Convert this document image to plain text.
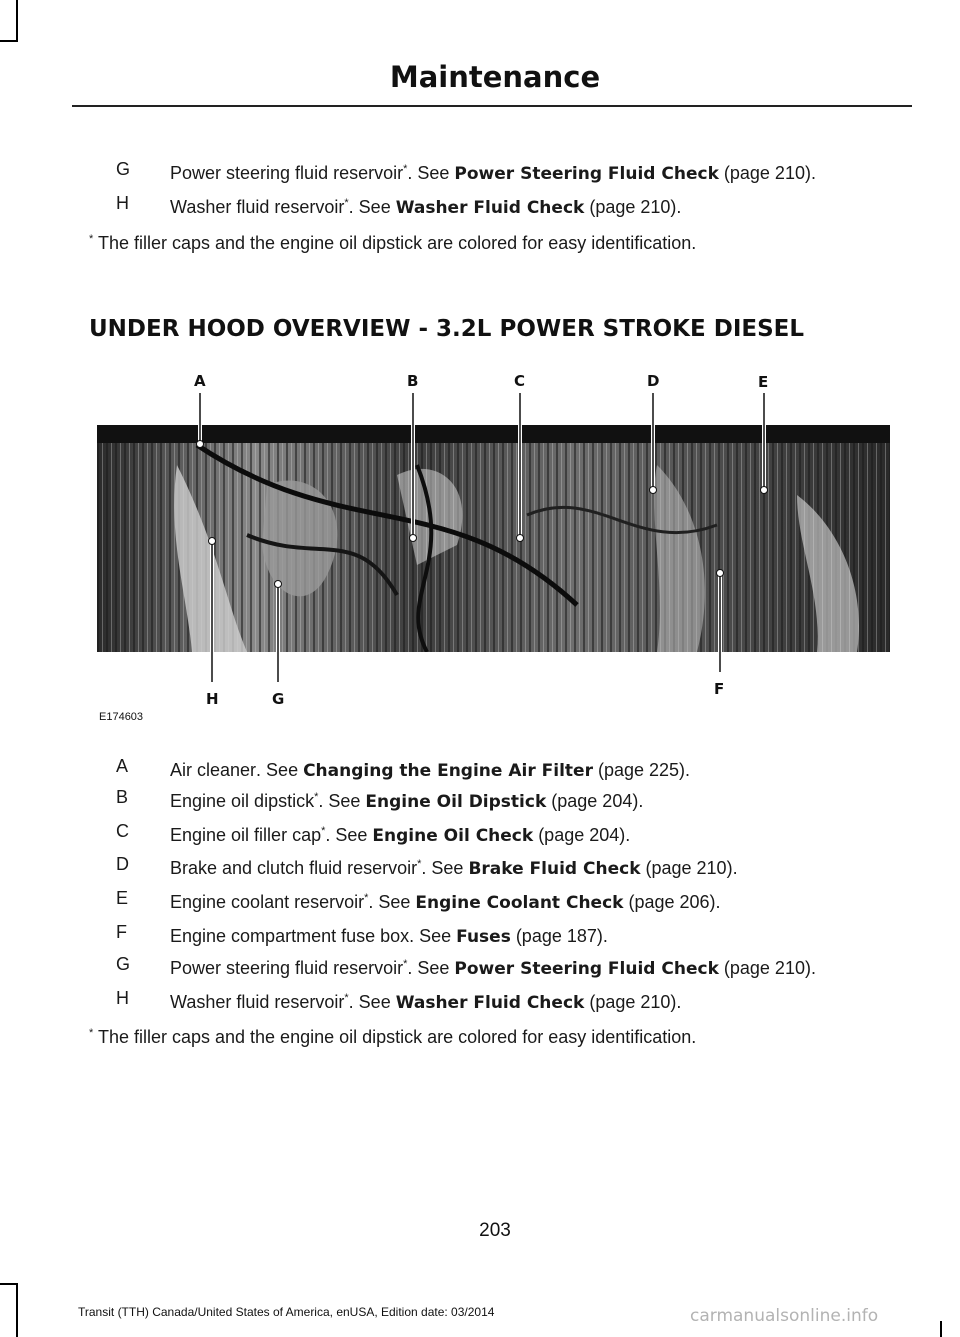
Maintenance
G	Power steering fluid reservoir*. See Power Steering Fluid Check (page 210).
H	Washer fluid reservoir*. See Washer Fluid Check (page 210).
* The filler caps and the engine oil dipstick are colored for easy identification.
UNDER HOOD OVERVIEW - 3.2L POWER STROKE DIESEL
A	B	C	D	E
H	G
F
E174603
A	Air cleaner. See Changing the Engine Air Filter (page 225).
B	Engine oil dipstick*. See Engine Oil Dipstick (page 204).
C	Engine oil filler cap*. See Engine Oil Check (page 204).
D	Brake and clutch fluid reservoir*. See Brake Fluid Check (page 210).
E	Engine coolant reservoir*. See Engine Coolant Check (page 206).
F	Engine compartment fuse box. See Fuses (page 187).
G	Power steering fluid reservoir*. See Power Steering Fluid Check (page 210).
H	Washer fluid reservoir*. See Washer Fluid Check (page 210).
* The filler caps and the engine oil dipstick are colored for easy identification.
203
Transit (TTH) Canada/United States of America, enUSA, Edition date: 03/2014	carmanualsonline.info
